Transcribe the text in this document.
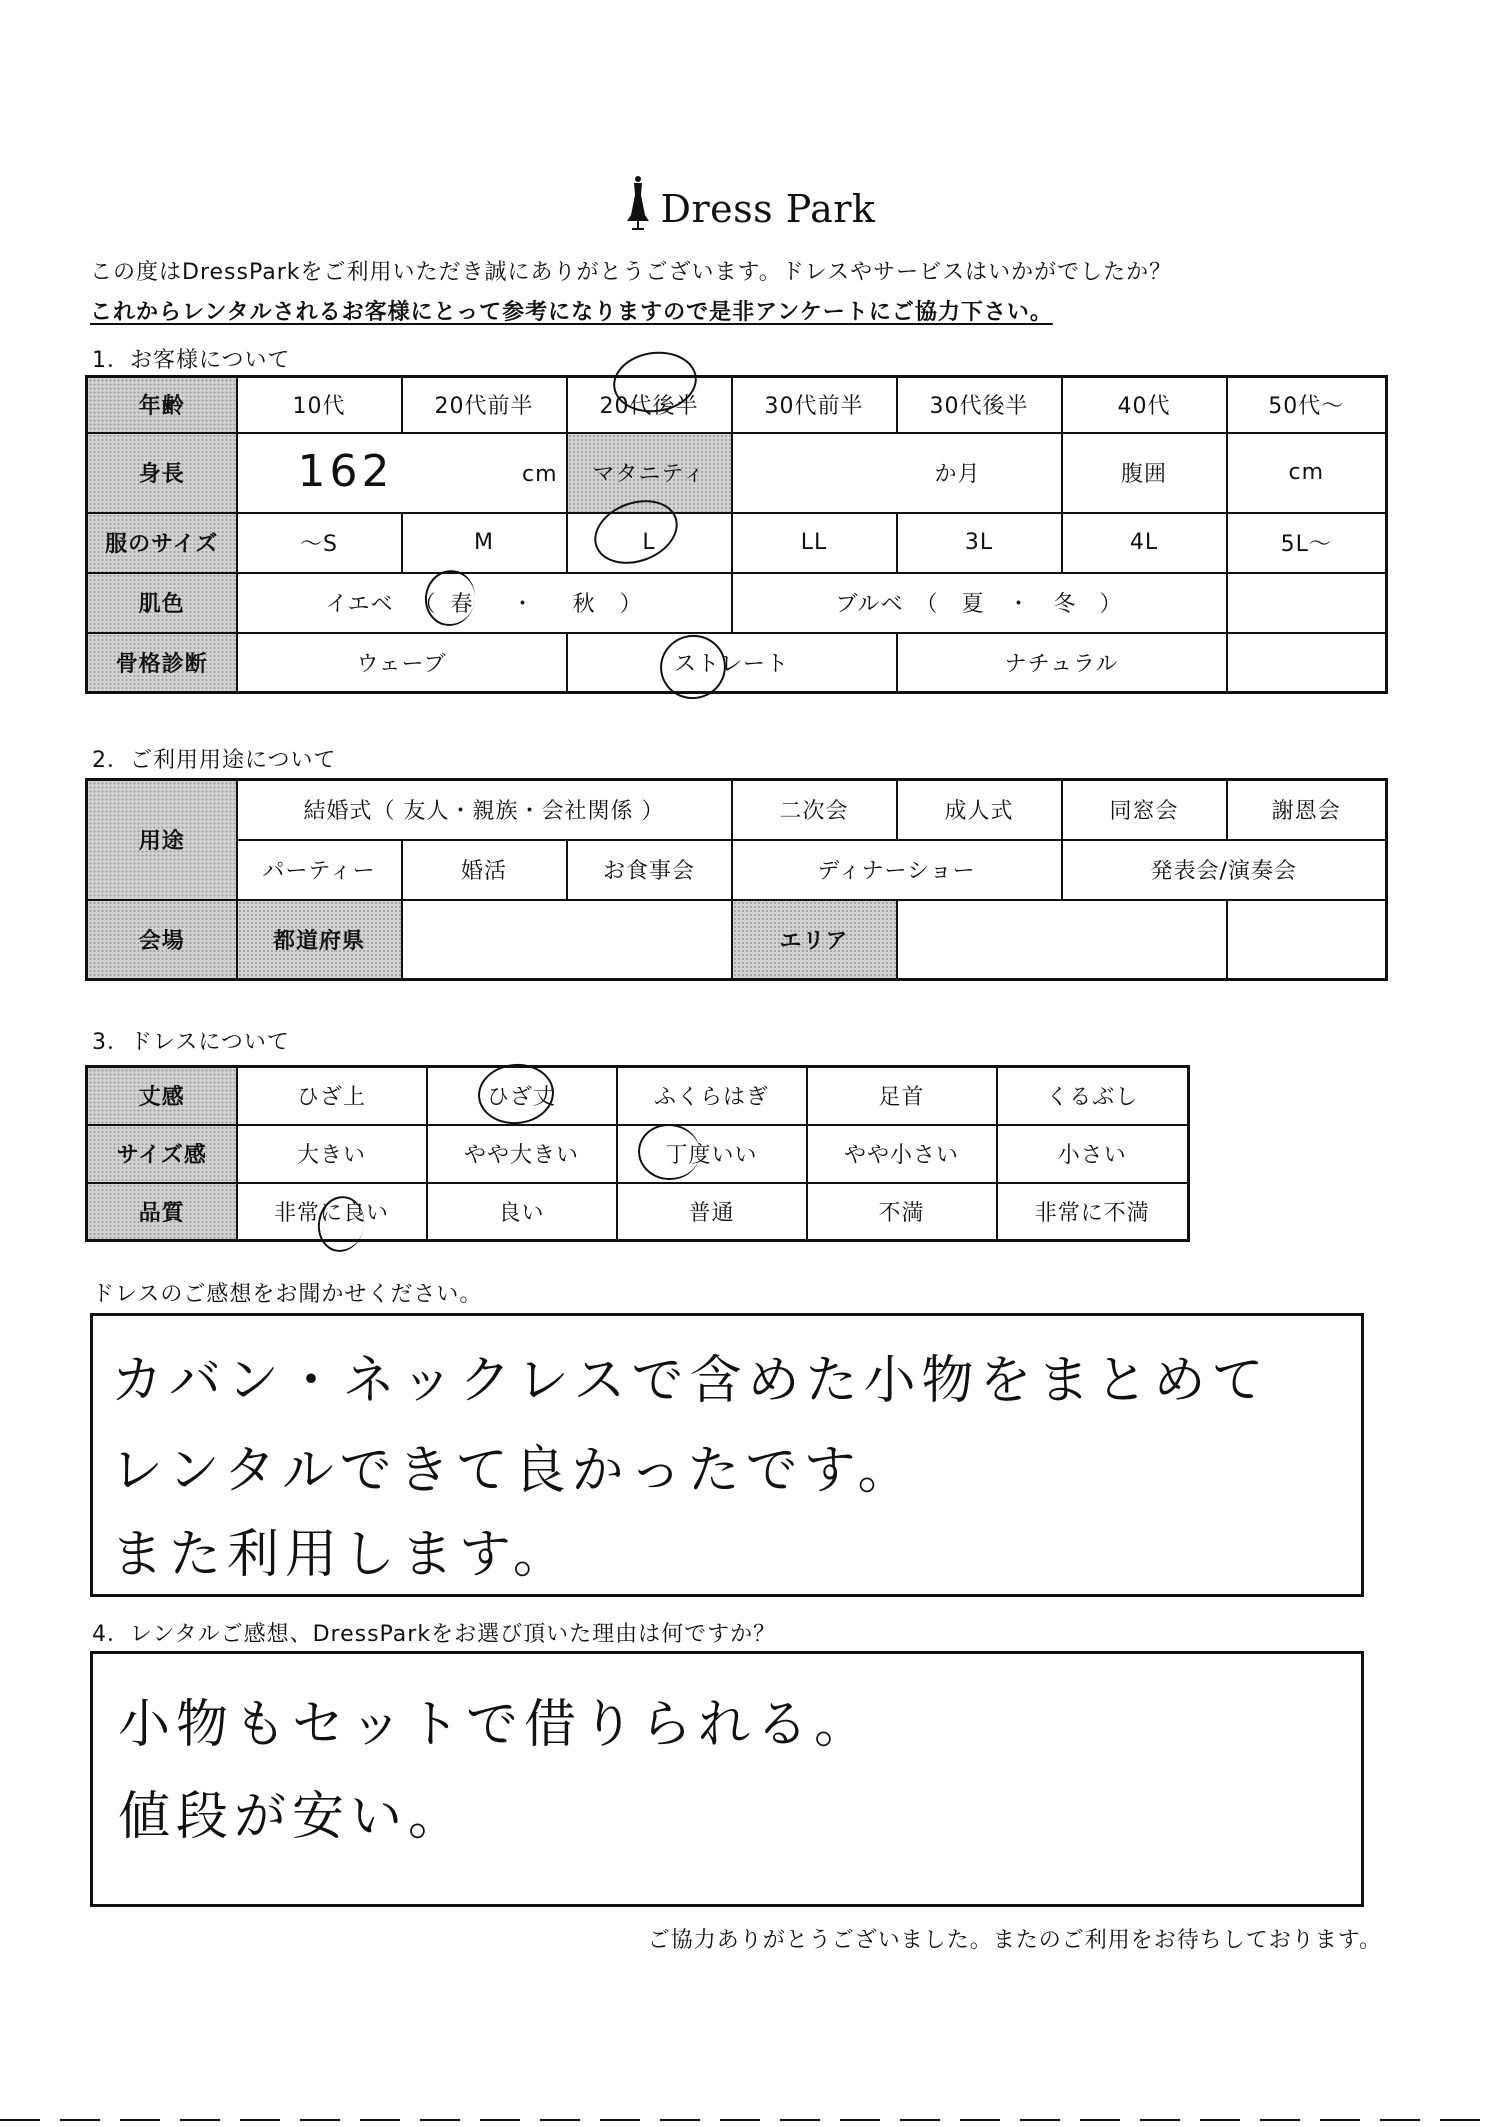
Dress Park
この度はDressParkをご利用いただき誠にありがとうございます。ドレスやサービスはいかがでしたか？
これからレンタルされるお客様にとって参考になりますので是非アンケートにご協力下さい。
1．お客様について
年齢	10代	20代前半	20代後半	30代前半	30代後半	40代	50代～
身長	162 cm		マタニティ	か月		腹囲	cm
服のサイズ	～S	M	L	LL	3L	4L	5L～
肌色	イエベ （ 春 ・ 秋 ）			ブルベ　（　夏　・　冬　）			
骨格診断	ウェーブ		ストレート		ナチュラル		
2．ご利用用途について
用途	結婚式（ 友人・親族・会社関係 ）			二次会	成人式	同窓会	謝恩会
	パーティー	婚活	お食事会	ディナーショー		発表会/演奏会	
会場	都道府県			エリア			
3．ドレスについて
丈感	ひざ上	ひざ丈	ふくらはぎ	足首	くるぶし
サイズ感	大きい	やや大きい	丁度いい	やや小さい	小さい
品質	非常に良い	良い	普通	不満	非常に不満
ドレスのご感想をお聞かせください。
カバン・ネックレスで含めた小物をまとめて
レンタルできて良かったです。
また利用します。
4．レンタルご感想、DressParkをお選び頂いた理由は何ですか？
小物もセットで借りられる。
値段が安い。
ご協力ありがとうございました。またのご利用をお待ちしております。
